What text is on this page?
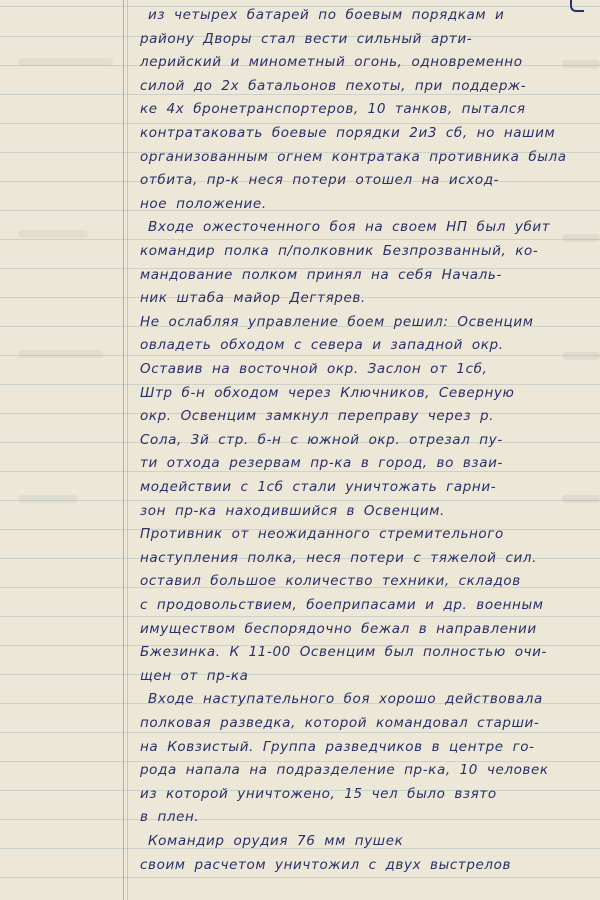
из четырех батарей по боевым порядкам и
району Дворы стал вести сильный арти-
лерийский и минометный огонь, одновременно
силой до 2х батальонов пехоты, при поддерж-
ке 4х бронетранспортеров, 10 танков, пытался
контратаковать боевые порядки 2и3 сб, но нашим
организованным огнем контратака противника была
отбита, пр-к неся потери отошел на исход-
ное положение.
Входе ожесточенного боя на своем НП был убит
командир полка п/полковник Безпрозванный, ко-
мандование полком принял на себя Началь-
ник штаба майор Дегтярев.
Не ослабляя управление боем решил: Освенцим
овладеть обходом с севера и западной окр.
Оставив на восточной окр. Заслон от 1сб,
Штр б-н обходом через Ключников, Северную
окр. Освенцим замкнул переправу через р.
Сола, 3й стр. б-н с южной окр. отрезал пу-
ти отхода резервам пр-ка в город, во взаи-
модействии с 1сб стали уничтожать гарни-
зон пр-ка находившийся в Освенцим.
Противник от неожиданного стремительного
наступления полка, неся потери с тяжелой сил.
оставил большое количество техники, складов
с продовольствием, боеприпасами и др. военным
имуществом беспорядочно бежал в направлении
Бжезинка. К 11-00 Освенцим был полностью очи-
щен от пр-ка
Входе наступательного боя хорошо действовала
полковая разведка, которой командовал старши-
на Ковзистый. Группа разведчиков в центре го-
рода напала на подразделение пр-ка, 10 человек
из которой уничтожено, 15 чел было взято
в плен.
Командир орудия 76 мм пушек
своим расчетом уничтожил с двух выстрелов
